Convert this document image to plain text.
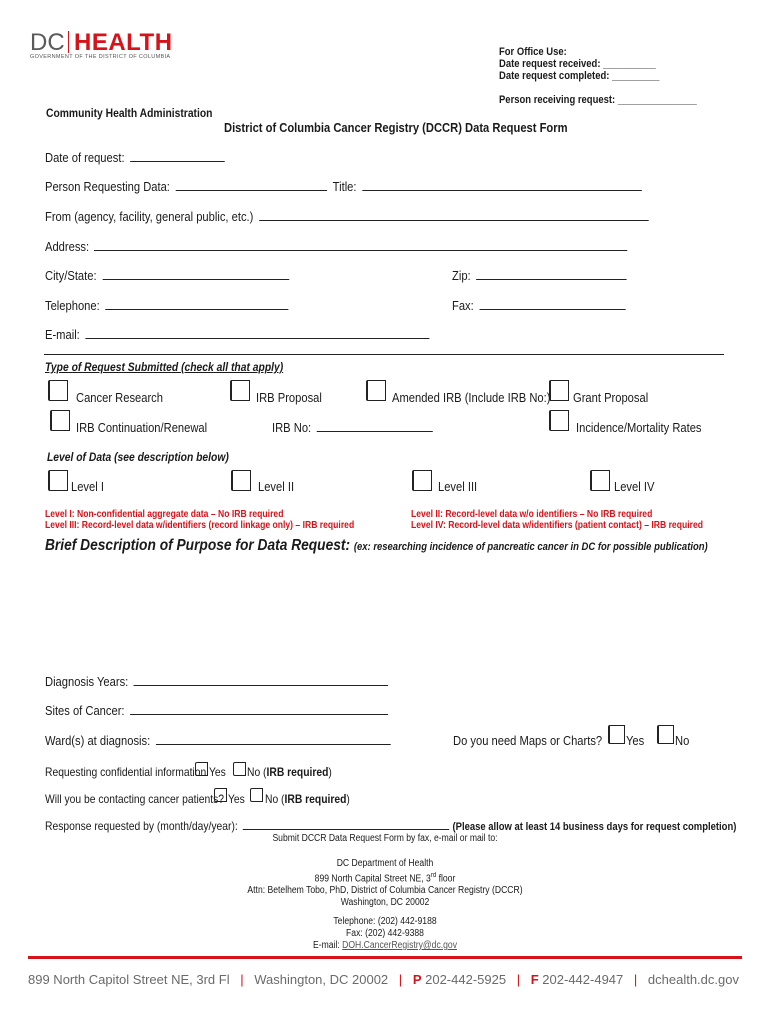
DC HEALTH
GOVERNMENT OF THE DISTRICT OF COLUMBIA	For Office Use:
Date request received: __________
Date request completed: _________
Person receiving request: _______________
Community Health Administration
District of Columbia Cancer Registry (DCCR) Data Request Form
Date of request:
Person Requesting Data:	Title:
From (agency, facility, general public, etc.)
Address:
City/State:	Zip:
Telephone:	Fax:
E-mail:
Type of Request Submitted (check all that apply)
Cancer Research	IRB Proposal	Amended IRB (Include IRB No:) Grant Proposal
IRB Continuation/Renewal	IRB No:	Incidence/Mortality Rates
Level of Data (see description below)
Level I	Level II	Level III	Level IV
Level I: Non-confidential aggregate data – No IRB required
Level III: Record-level data w/identifiers (record linkage only) – IRB required
Level II: Record-level data w/o identifiers – No IRB required
Level IV: Record-level data w/identifiers (patient contact) – IRB required
Brief Description of Purpose for Data Request: (ex: researching incidence of pancreatic cancer in DC for possible publication)
Diagnosis Years:
Sites of Cancer:
Ward(s) at diagnosis:	Do you need Maps or Charts? Yes No
Requesting confidential information Yes No (IRB required)
Will you be contacting cancer patients? Yes No (IRB required)
Response requested by (month/day/year):	(Please allow at least 14 business days for request completion)
Submit DCCR Data Request Form by fax, e-mail or mail to:
DC Department of Health
899 North Capital Street NE, 3rd floor
Attn: Betelhem Tobo, PhD, District of Columbia Cancer Registry (DCCR)
Washington, DC 20002
Telephone: (202) 442-9188
Fax: (202) 442-9388
E-mail: DOH.CancerRegistry@dc.gov
899 North Capitol Street NE, 3rd Fl | Washington, DC 20002 | P 202-442-5925 | F 202-442-4947 | dchealth.dc.gov
